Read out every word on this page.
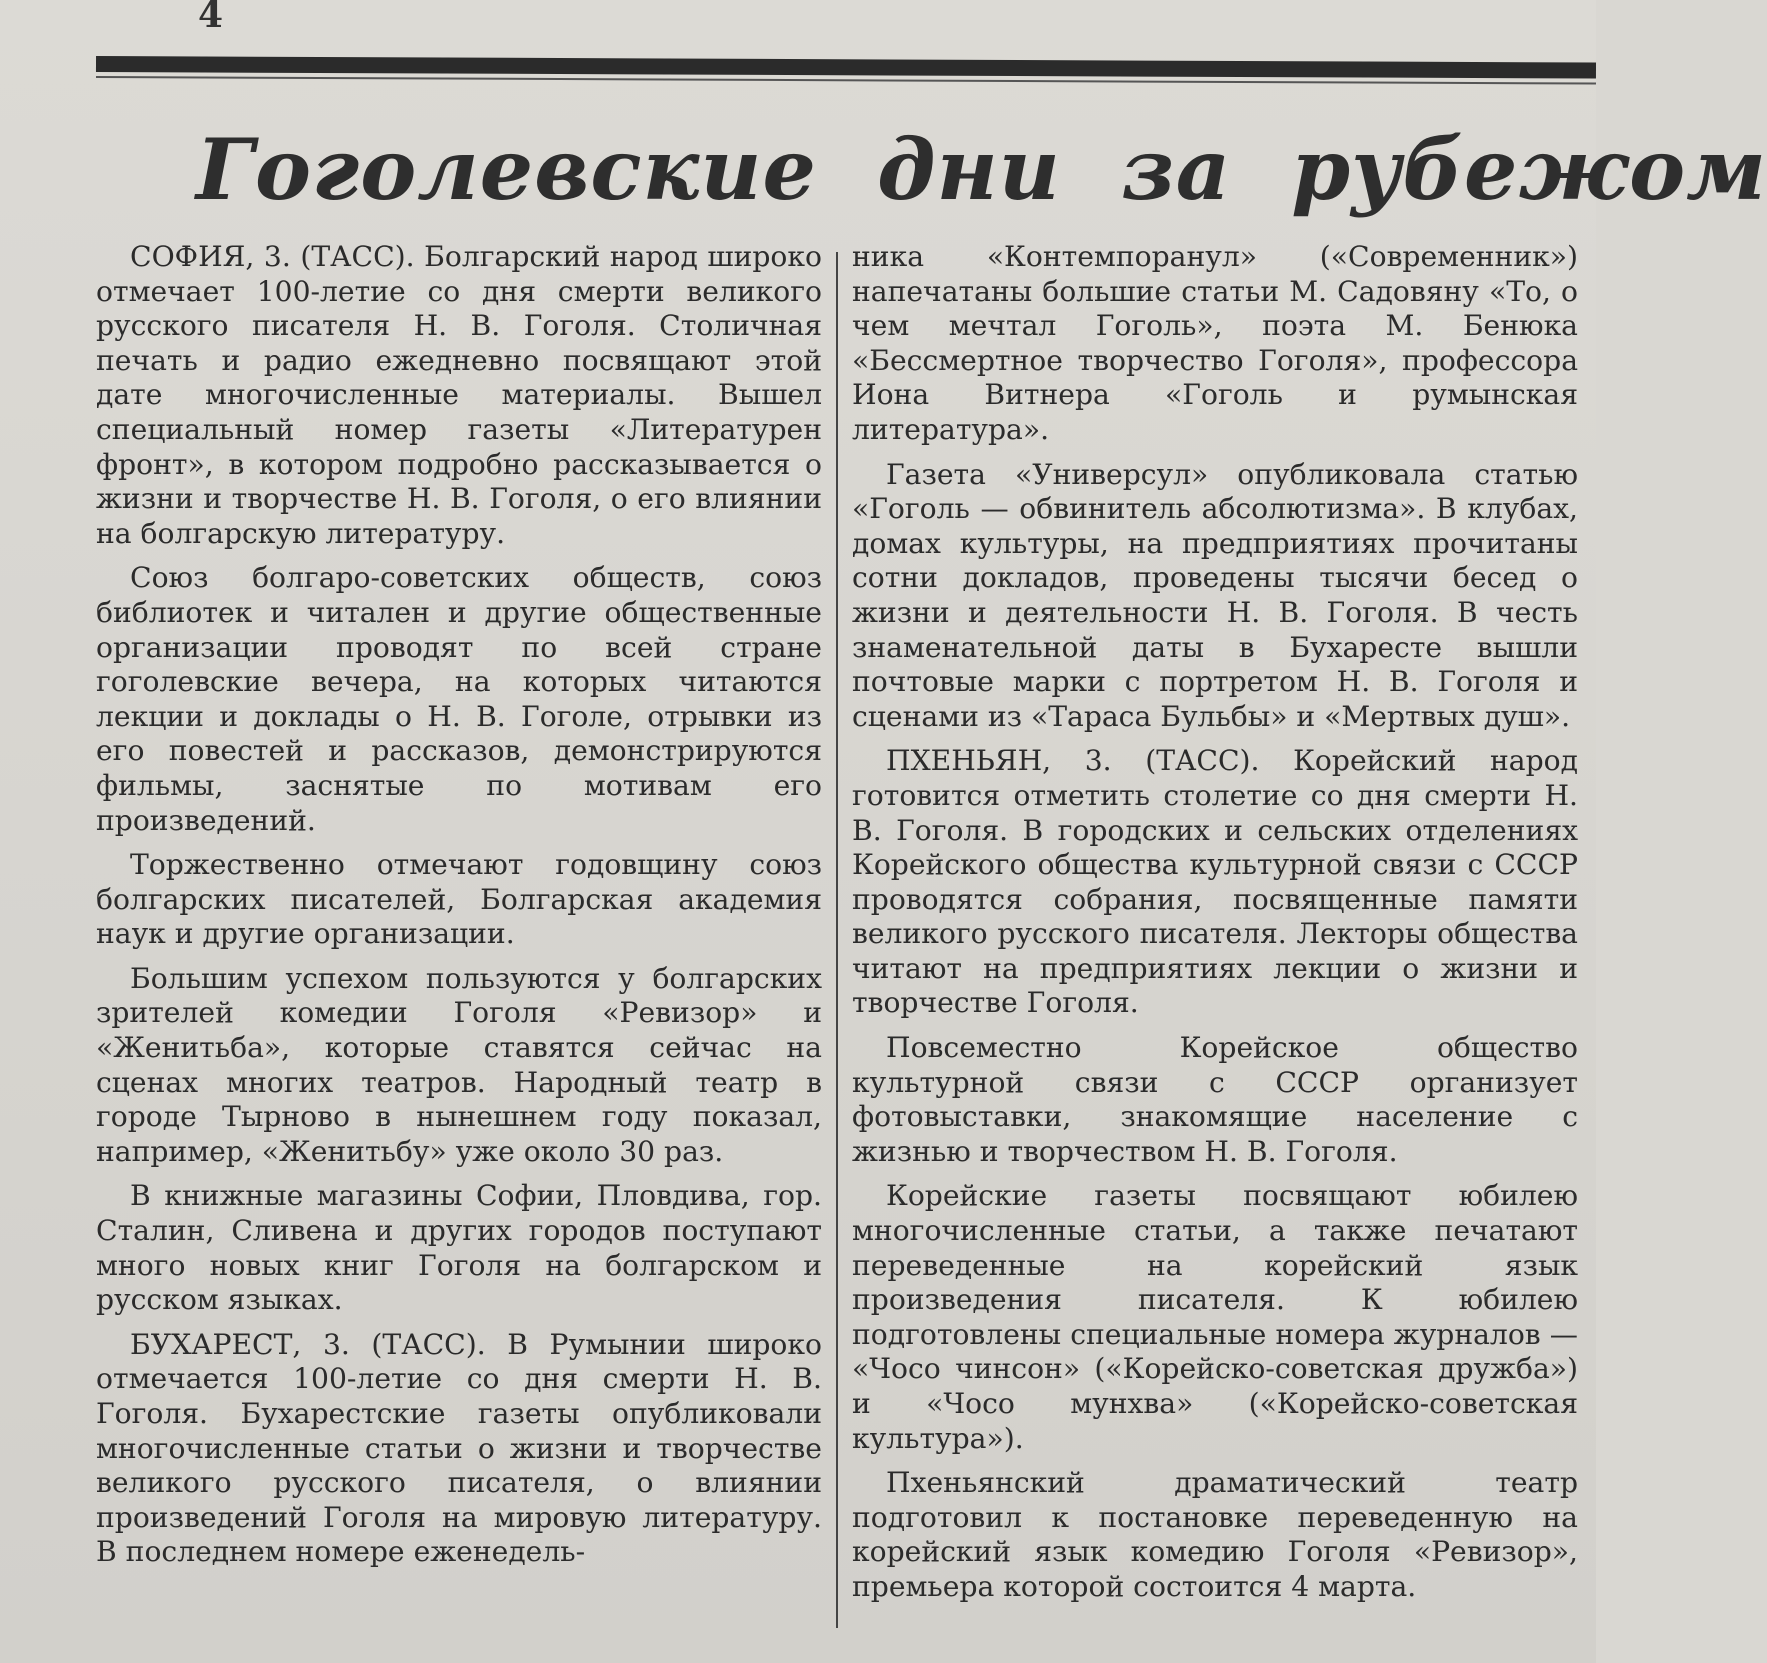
4
Гоголевские дни за рубежом

СОФИЯ, 3. (ТАСС). Болгарский народ широко отмечает 100-летие со дня смерти великого русского писателя Н. В. Гоголя. Столичная печать и радио ежедневно посвящают этой дате многочисленные материалы. Вышел специальный номер газеты «Литературен фронт», в котором подробно рассказывается о жизни и творчестве Н. В. Гоголя, о его влиянии на болгарскую литературу.

Союз болгаро-советских обществ, союз библиотек и читален и другие общественные организации проводят по всей стране гоголевские вечера, на которых читаются лекции и доклады о Н. В. Гоголе, отрывки из его повестей и рассказов, демонстрируются фильмы, заснятые по мотивам его произведений.

Торжественно отмечают годовщину союз болгарских писателей, Болгарская академия наук и другие организации.

Большим успехом пользуются у болгарских зрителей комедии Гоголя «Ревизор» и «Женитьба», которые ставятся сейчас на сценах многих театров. Народный театр в городе Тырново в нынешнем году показал, например, «Женитьбу» уже около 30 раз.

В книжные магазины Софии, Пловдива, гор. Сталин, Сливена и других городов поступают много новых книг Гоголя на болгарском и русском языках.

БУХАРЕСТ, 3. (ТАСС). В Румынии широко отмечается 100-летие со дня смерти Н. В. Гоголя. Бухарестские газеты опубликовали многочисленные статьи о жизни и творчестве великого русского писателя, о влиянии произведений Гоголя на мировую литературу. В последнем номере еженедель-

ника «Контемпоранул» («Современник») напечатаны большие статьи М. Садовяну «То, о чем мечтал Гоголь», поэта М. Бенюка «Бессмертное творчество Гоголя», профессора Иона Витнера «Гоголь и румынская литература».

Газета «Универсул» опубликовала статью «Гоголь — обвинитель абсолютизма». В клубах, домах культуры, на предприятиях прочитаны сотни докладов, проведены тысячи бесед о жизни и деятельности Н. В. Гоголя. В честь знаменательной даты в Бухаресте вышли почтовые марки с портретом Н. В. Гоголя и сценами из «Тараса Бульбы» и «Мертвых душ».

ПХЕНЬЯН, 3. (ТАСС). Корейский народ готовится отметить столетие со дня смерти Н. В. Гоголя. В городских и сельских отделениях Корейского общества культурной связи с СССР проводятся собрания, посвященные памяти великого русского писателя. Лекторы общества читают на предприятиях лекции о жизни и творчестве Гоголя.

Повсеместно Корейское общество культурной связи с СССР организует фотовыставки, знакомящие население с жизнью и творчеством Н. В. Гоголя.

Корейские газеты посвящают юбилею многочисленные статьи, а также печатают переведенные на корейский язык произведения писателя. К юбилею подготовлены специальные номера журналов — «Чосо чинсон» («Корейско-советская дружба») и «Чосо мунхва» («Корейско-советская культура»).

Пхеньянский драматический театр подготовил к постановке переведенную на корейский язык комедию Гоголя «Ревизор», премьера которой состоится 4 марта.
